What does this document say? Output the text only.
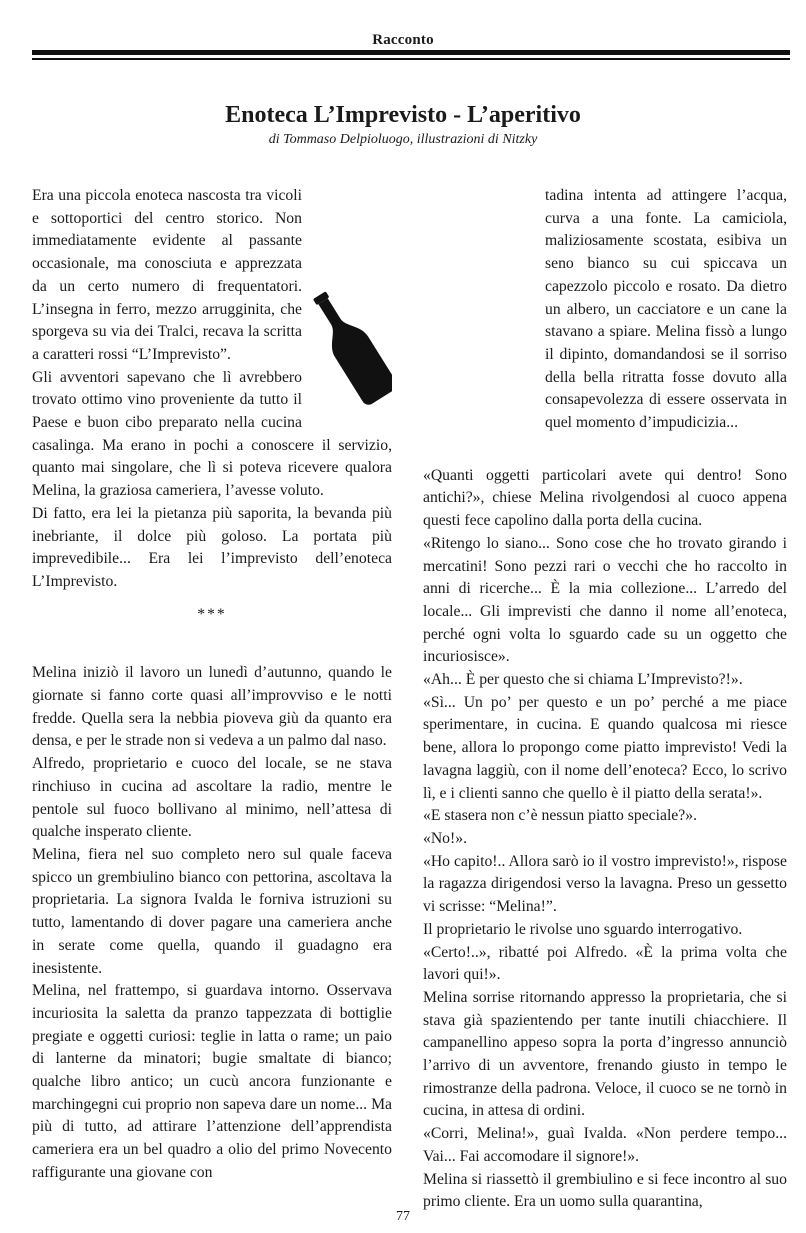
Racconto
Enoteca L’Imprevisto - L’aperitivo
di Tommaso Delpioluogo, illustrazioni di Nitzky

Era una piccola enoteca nascosta tra vicoli e sottoportici del centro storico. Non immediatamente evidente al passante occasionale, ma conosciuta e apprezzata da un certo numero di frequentatori. L’insegna in ferro, mezzo arrugginita, che sporgeva su via dei Tralci, recava la scritta a caratteri rossi “L’Imprevisto”.

Gli avventori sapevano che lì avrebbero trovato ottimo vino proveniente da tutto il Paese e buon cibo preparato nella cucina casalinga. Ma erano in pochi a conoscere il servizio, quanto mai singolare, che lì si poteva ricevere qualora Melina, la graziosa cameriera, l’avesse voluto.

Di fatto, era lei la pietanza più saporita, la bevanda più inebriante, il dolce più goloso. La portata più imprevedibile... Era lei l’imprevisto dell’enoteca L’Imprevisto.

***

Melina iniziò il lavoro un lunedì d’autunno, quando le giornate si fanno corte quasi all’improvviso e le notti fredde. Quella sera la nebbia pioveva giù da quanto era densa, e per le strade non si vedeva a un palmo dal naso.

Alfredo, proprietario e cuoco del locale, se ne stava rinchiuso in cucina ad ascoltare la radio, mentre le pentole sul fuoco bollivano al minimo, nell’attesa di qualche insperato cliente.

Melina, fiera nel suo completo nero sul quale faceva spicco un grembiulino bianco con pettorina, ascoltava la proprietaria. La signora Ivalda le forniva istruzioni su tutto, lamentando di dover pagare una cameriera anche in serate come quella, quando il guadagno era inesistente.

Melina, nel frattempo, si guardava intorno. Osservava incuriosita la saletta da pranzo tappezzata di bottiglie pregiate e oggetti curiosi: teglie in latta o rame; un paio di lanterne da minatori; bugie smaltate di bianco; qualche libro antico; un cucù ancora funzionante e marchingegni cui proprio non sapeva dare un nome... Ma più di tutto, ad attirare l’attenzione dell’apprendista cameriera era un bel quadro a olio del primo Novecento raffigurante una giovane con

tadina intenta ad attingere l’acqua, curva a una fonte. La camiciola, maliziosamente scostata, esibiva un seno bianco su cui spiccava un capezzolo piccolo e rosato. Da dietro un albero, un cacciatore e un cane la stavano a spiare. Melina fissò a lungo il dipinto, domandandosi se il sorriso della bella ritratta fosse dovuto alla consapevolezza di essere osservata in quel momento d’impudicizia...

«Quanti oggetti particolari avete qui dentro! Sono antichi?», chiese Melina rivolgendosi al cuoco appena questi fece capolino dalla porta della cucina.

«Ritengo lo siano... Sono cose che ho trovato girando i mercatini! Sono pezzi rari o vecchi che ho raccolto in anni di ricerche... È la mia collezione... L’arredo del locale... Gli imprevisti che danno il nome all’enoteca, perché ogni volta lo sguardo cade su un oggetto che incuriosisce».

«Ah... È per questo che si chiama L’Imprevisto?!».

«Sì... Un po’ per questo e un po’ perché a me piace sperimentare, in cucina. E quando qualcosa mi riesce bene, allora lo propongo come piatto imprevisto! Vedi la lavagna laggiù, con il nome dell’enoteca? Ecco, lo scrivo lì, e i clienti sanno che quello è il piatto della serata!».

«E stasera non c’è nessun piatto speciale?».

«No!».

«Ho capito!.. Allora sarò io il vostro imprevisto!», rispose la ragazza dirigendosi verso la lavagna. Preso un gessetto vi scrisse: “Melina!”.

Il proprietario le rivolse uno sguardo interrogativo.

«Certo!..», ribatté poi Alfredo. «È la prima volta che lavori qui!».

Melina sorrise ritornando appresso la proprietaria, che si stava già spazientendo per tante inutili chiacchiere. Il campanellino appeso sopra la porta d’ingresso annunciò l’arrivo di un avventore, frenando giusto in tempo le rimostranze della padrona. Veloce, il cuoco se ne tornò in cucina, in attesa di ordini.

«Corri, Melina!», guaì Ivalda. «Non perdere tempo... Vai... Fai accomodare il signore!».

Melina si riassettò il grembiulino e si fece incontro al suo primo cliente. Era un uomo sulla quarantina,

77
